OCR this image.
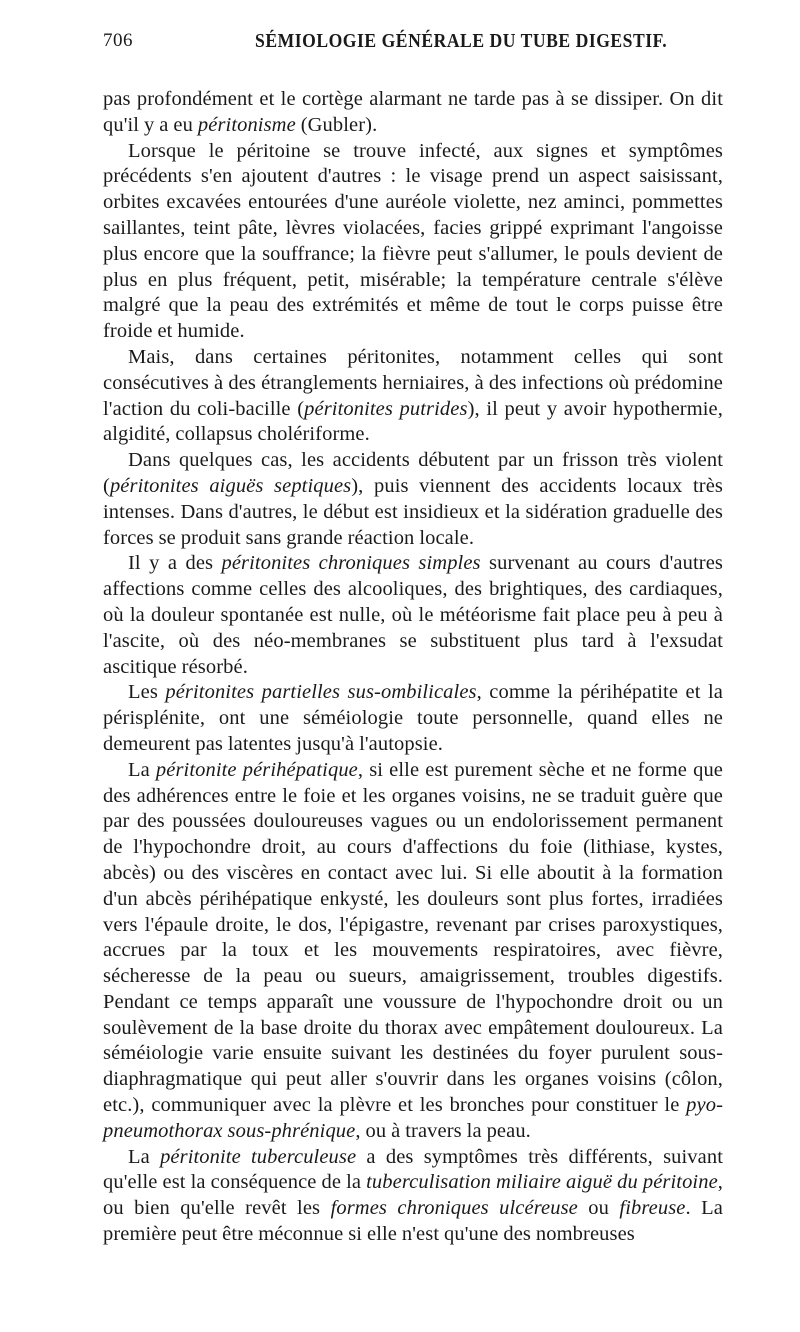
706	SÉMIOLOGIE GÉNÉRALE DU TUBE DIGESTIF.

pas profondément et le cortège alarmant ne tarde pas à se dissiper. On dit qu'il y a eu péritonisme (Gubler).

Lorsque le péritoine se trouve infecté, aux signes et symptômes précédents s'en ajoutent d'autres : le visage prend un aspect saisissant, orbites excavées entourées d'une auréole violette, nez aminci, pommettes saillantes, teint pâte, lèvres violacées, facies grippé exprimant l'angoisse plus encore que la souffrance; la fièvre peut s'allumer, le pouls devient de plus en plus fréquent, petit, misérable; la température centrale s'élève malgré que la peau des extrémités et même de tout le corps puisse être froide et humide.

Mais, dans certaines péritonites, notamment celles qui sont consécutives à des étranglements herniaires, à des infections où prédomine l'action du coli-bacille (péritonites putrides), il peut y avoir hypothermie, algidité, collapsus cholériforme.

Dans quelques cas, les accidents débutent par un frisson très violent (péritonites aiguës septiques), puis viennent des accidents locaux très intenses. Dans d'autres, le début est insidieux et la sidération graduelle des forces se produit sans grande réaction locale.

Il y a des péritonites chroniques simples survenant au cours d'autres affections comme celles des alcooliques, des brightiques, des cardiaques, où la douleur spontanée est nulle, où le météorisme fait place peu à peu à l'ascite, où des néo-membranes se substituent plus tard à l'exsudat ascitique résorbé.

Les péritonites partielles sus-ombilicales, comme la périhépatite et la périsplénite, ont une séméiologie toute personnelle, quand elles ne demeurent pas latentes jusqu'à l'autopsie.

La péritonite périhépatique, si elle est purement sèche et ne forme que des adhérences entre le foie et les organes voisins, ne se traduit guère que par des poussées douloureuses vagues ou un endolorissement permanent de l'hypochondre droit, au cours d'affections du foie (lithiase, kystes, abcès) ou des viscères en contact avec lui. Si elle aboutit à la formation d'un abcès périhépatique enkysté, les douleurs sont plus fortes, irradiées vers l'épaule droite, le dos, l'épigastre, revenant par crises paroxystiques, accrues par la toux et les mouvements respiratoires, avec fièvre, sécheresse de la peau ou sueurs, amaigrissement, troubles digestifs. Pendant ce temps apparaît une voussure de l'hypochondre droit ou un soulèvement de la base droite du thorax avec empâtement douloureux. La séméiologie varie ensuite suivant les destinées du foyer purulent sous-diaphragmatique qui peut aller s'ouvrir dans les organes voisins (côlon, etc.), communiquer avec la plèvre et les bronches pour constituer le pyo-pneumothorax sous-phrénique, ou à travers la peau.

La péritonite tuberculeuse a des symptômes très différents, suivant qu'elle est la conséquence de la tuberculisation miliaire aiguë du péritoine, ou bien qu'elle revêt les formes chroniques ulcéreuse ou fibreuse. La première peut être méconnue si elle n'est qu'une des nombreuses
